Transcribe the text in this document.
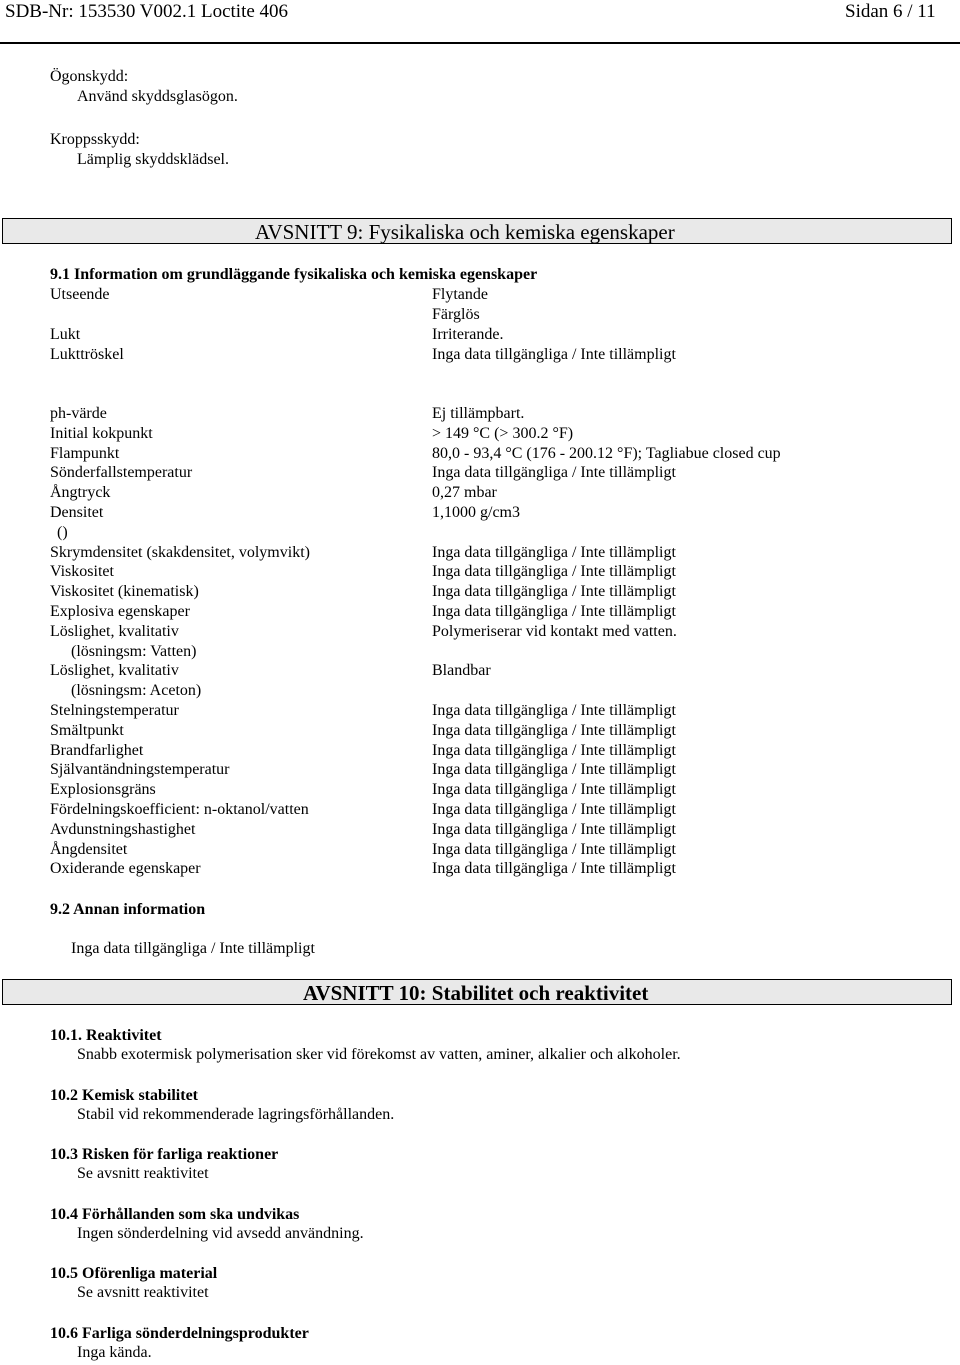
SDB-Nr: 153530 V002.1 Loctite 406	Sidan 6 / 11
Ögonskydd:
Använd skyddsglasögon.
Kroppsskydd:
Lämplig skyddskläds​el.
AVSNITT 9: Fysikaliska och kemiska egenskaper
9.1 Information om grundläggande fysikaliska och kemiska egenskaper
Utseende	Flytande
Färglös
Lukt	Irriterande.
Lukttröskel	Inga data tillgängliga / Inte tillämpligt
ph-värde	Ej tillämpbart.
Initial kokpunkt	> 149 °C (> 300.2 °F)
Flampunkt	80,0 - 93,4 °C (176 - 200.12 °F); Tagliabue closed cup
Sönderfallstemperatur	Inga data tillgängliga / Inte tillämpligt
Ångtryck	0,27 mbar
Densitet	1,1000 g/cm3
()
Skrymdensitet (skakdensitet, volymvikt)	Inga data tillgängliga / Inte tillämpligt
Viskositet	Inga data tillgängliga / Inte tillämpligt
Viskositet (kinematisk)	Inga data tillgängliga / Inte tillämpligt
Explosiva egenskaper	Inga data tillgängliga / Inte tillämpligt
Löslighet, kvalitativ	Polymeriserar vid kontakt med vatten.
(lösningsm: Vatten)
Löslighet, kvalitativ	Blandbar
(lösningsm: Aceton)
Stelningstemperatur	Inga data tillgängliga / Inte tillämpligt
Smältpunkt	Inga data tillgängliga / Inte tillämpligt
Brandfarlighet	Inga data tillgängliga / Inte tillämpligt
Självantändningstemperatur	Inga data tillgängliga / Inte tillämpligt
Explosionsgräns	Inga data tillgängliga / Inte tillämpligt
Fördelningskoefficient: n-oktanol/vatten	Inga data tillgängliga / Inte tillämpligt
Avdunstningshastighet	Inga data tillgängliga / Inte tillämpligt
Ångdensitet	Inga data tillgängliga / Inte tillämpligt
Oxiderande egenskaper	Inga data tillgängliga / Inte tillämpligt
9.2 Annan information
Inga data tillgängliga / Inte tillämpligt
AVSNITT 10: Stabilitet och reaktivitet
10.1. Reaktivitet
Snabb exotermisk polymerisation sker vid förekomst av vatten, aminer, alkalier och alkoholer.
10.2 Kemisk stabilitet
Stabil vid rekommenderade lagringsförhållanden.
10.3 Risken för farliga reaktioner
Se avsnitt reaktivitet
10.4 Förhållanden som ska undvikas
Ingen sönderdelning vid avsedd användning.
10.5 Oförenliga material
Se avsnitt reaktivitet
10.6 Farliga sönderdelningsprodukter
Inga kända.
